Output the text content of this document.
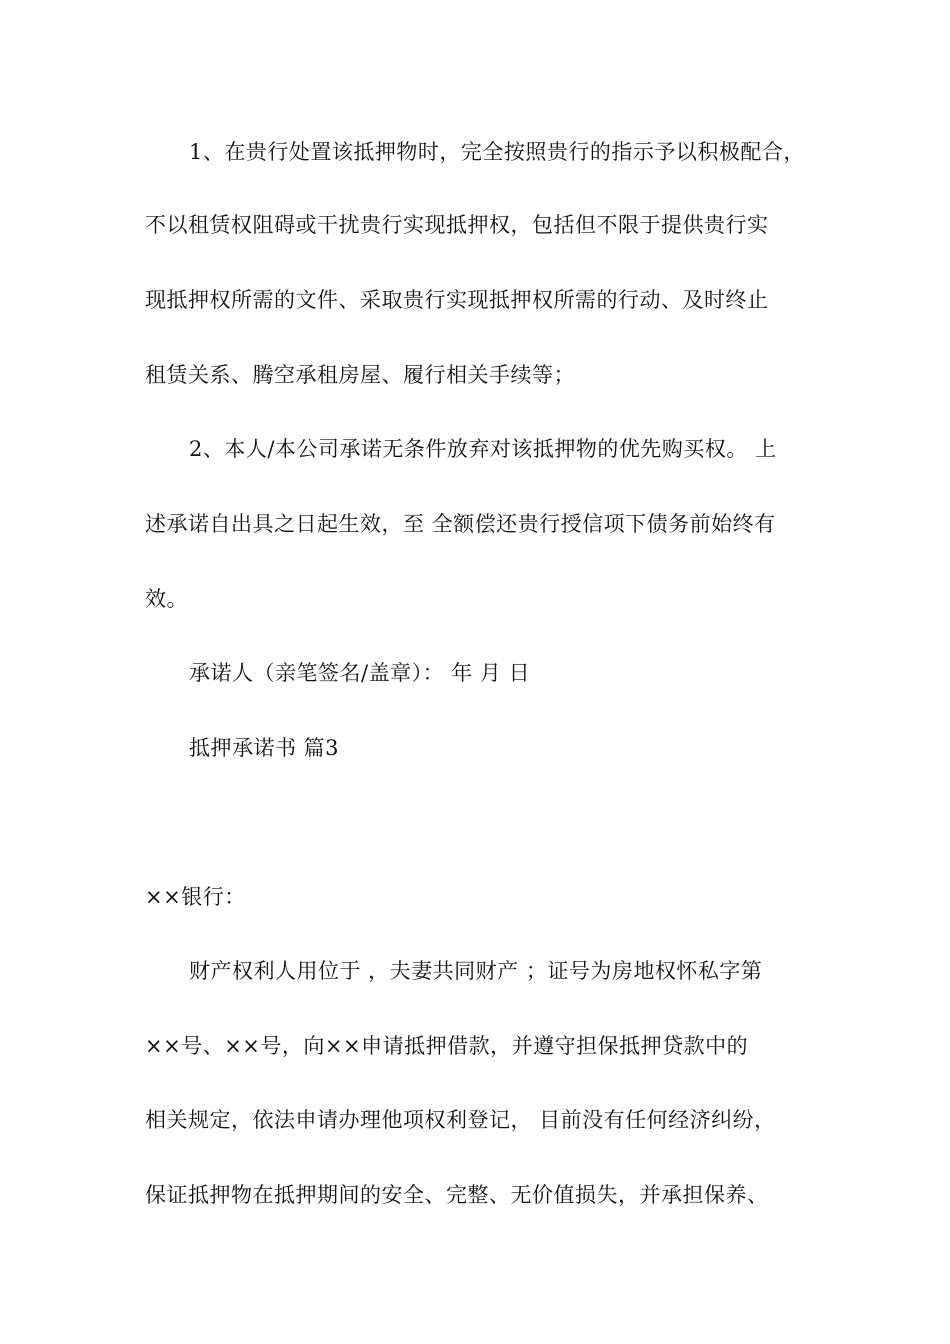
1、在贵行处置该抵押物时，完全按照贵行的指示予以积极配合，
不以租赁权阻碍或干扰贵行实现抵押权，包括但不限于提供贵行实
现抵押权所需的文件、采取贵行实现抵押权所需的行动、及时终止
租赁关系、腾空承租房屋、履行相关手续等；
2、本人/本公司承诺无条件放弃对该抵押物的优先购买权。 上
述承诺自出具之日起生效，至 全额偿还贵行授信项下债务前始终有
效。
承诺人（亲笔签名/盖章）： 年 月 日
抵押承诺书 篇3
××银行：
财产权利人用位于 ，夫妻共同财产 ；证号为房地权怀私字第
××号、××号，向××申请抵押借款，并遵守担保抵押贷款中的
相关规定，依法申请办理他项权利登记， 目前没有任何经济纠纷，
保证抵押物在抵押期间的安全、完整、无价值损失，并承担保养、
